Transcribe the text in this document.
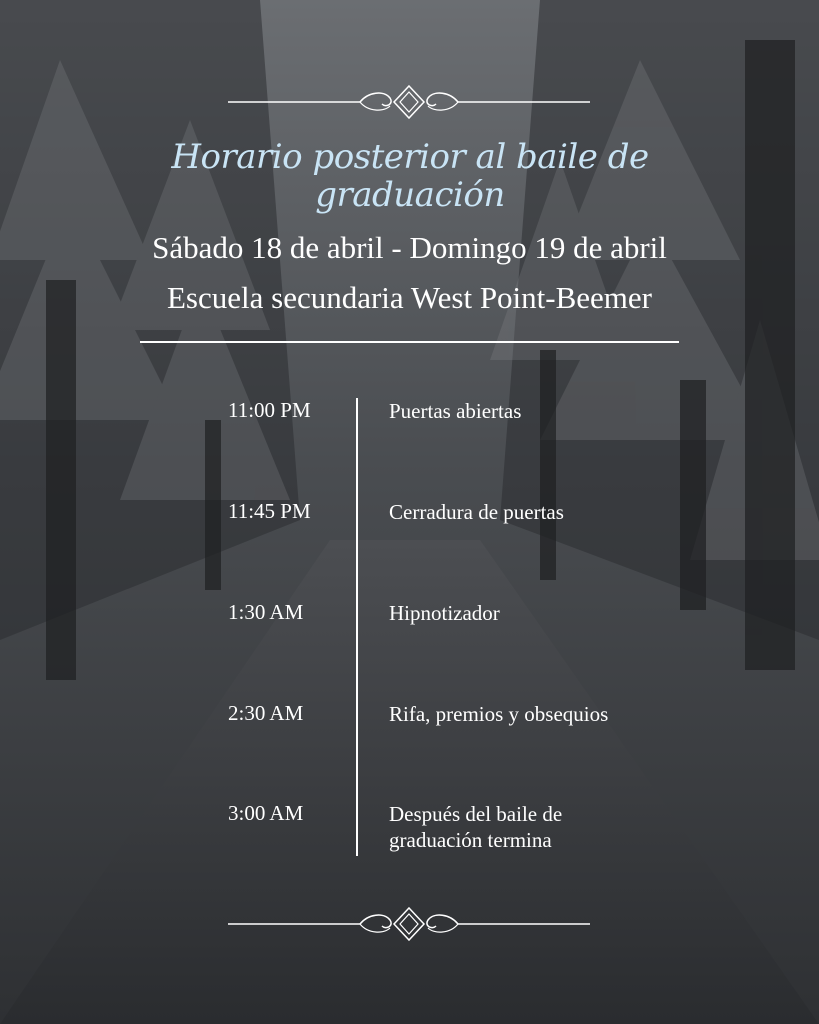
Horario posterior al baile de graduación
Sábado 18 de abril - Domingo 19 de abril
Escuela secundaria West Point-Beemer
11:00 PM	Puertas abiertas
11:45 PM	Cerradura de puertas
1:30 AM	Hipnotizador
2:30 AM	Rifa, premios y obsequios
3:00 AM	Después del baile de graduación termina
